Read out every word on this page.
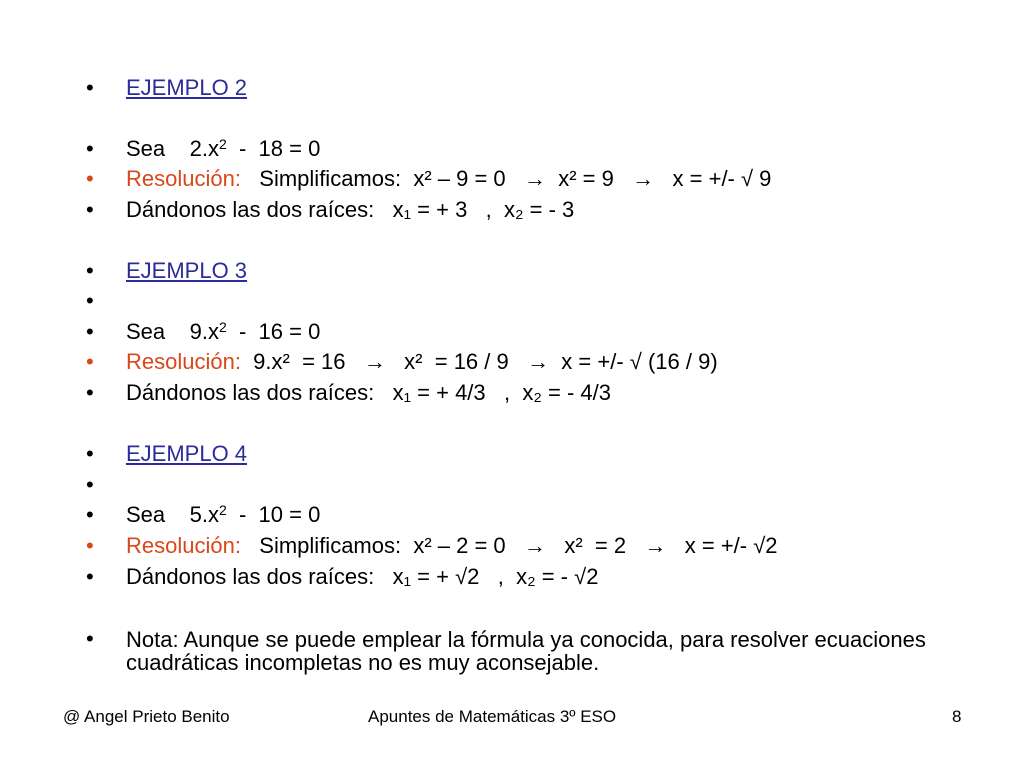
• EJEMPLO 2
• Sea $2.x^2 - 18 = 0$
• Resolución:   Simplificamos:  x² – 9 = 0   →  x² = 9   →   x = +/- √ 9
• Dándonos las dos raíces: x₁ = + 3   ,  x₂ = - 3
• EJEMPLO 3
•
• Sea $9.x^2 - 16 = 0$
• Resolución:  9.x²  = 16   →   x²  = 16 / 9   →  x = +/- √ (16 / 9)
• Dándonos las dos raíces: x₁ = + 4/3   ,  x₂ = - 4/3
• EJEMPLO 4
•
• Sea $5.x^2 - 10 = 0$
• Resolución:   Simplificamos:  x² – 2 = 0   →   x²  = 2   →   x = +/- √2
• Dándonos las dos raíces: x₁ = + √2   ,  x₂ = - √2
• Nota: Aunque se puede emplear la fórmula ya conocida, para resolver ecuaciones cuadráticas incompletas no es muy aconsejable.
@ Angel Prieto Benito	Apuntes de Matemáticas 3º ESO	8
